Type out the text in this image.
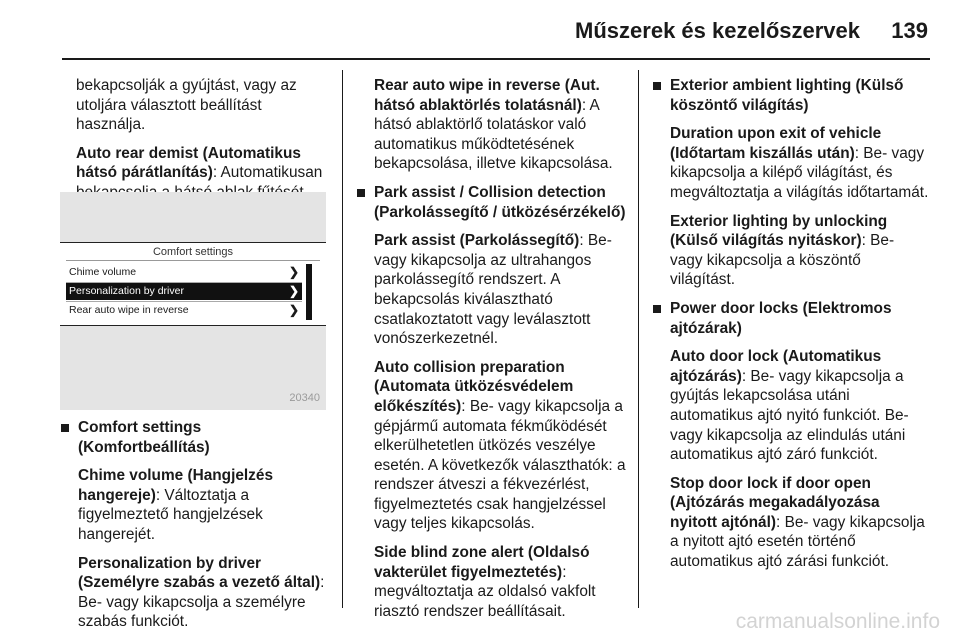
Műszerek és kezelőszervek	139

bekapcsolják a gyújtást, vagy az utoljára választott beállítást használja.

Auto rear demist (Automatikus hátsó párátlanítás): Automatikusan

Comfort settings
Chime volume	❯
Personalization by driver	❯
Rear auto wipe in reverse	❯
20340
Comfort settings (Komfortbeállítás)

Chime volume (Hangjelzés hangereje): Változtatja a figyelmeztető hangjelzések hangerejét.

Personalization by driver (Személyre szabás a vezető által): Be- vagy kikapcsolja a személyre szabás funkciót.

Rear auto wipe in reverse (Aut. hátsó ablaktörlés tolatásnál): A hátsó ablaktörlő tolatáskor való automatikus működtetésének bekapcsolása, illetve kikapcsolása.

Park assist / Collision detection (Parkolássegítő / ütközésérzékelő)

Park assist (Parkolássegítő): Be- vagy kikapcsolja az ultrahangos parkolássegítő rendszert. A bekapcsolás kiválasztható csatlakoztatott vagy leválasztott vonószerkezetnél.

Auto collision preparation (Automata ütközésvédelem előkészítés): Be- vagy kikapcsolja a gépjármű automata fékműködését elkerülhetetlen ütközés veszélye esetén. A következők választhatók: a rendszer átveszi a fékvezérlést, figyelmeztetés csak hangjelzéssel vagy teljes kikapcsolás.

Side blind zone alert (Oldalsó vakterület figyelmeztetés): megváltoztatja az oldalsó vakfolt riasztó rendszer beállításait.

Exterior ambient lighting (Külső köszöntő világítás)

Duration upon exit of vehicle (Időtartam kiszállás után): Be- vagy kikapcsolja a kilépő világítást, és megváltoztatja a világítás időtartamát.

Exterior lighting by unlocking (Külső világítás nyitáskor): Be- vagy kikapcsolja a köszöntő világítást.

Power door locks (Elektromos ajtózárak)

Auto door lock (Automatikus ajtózárás): Be- vagy kikapcsolja a gyújtás lekapcsolása utáni automatikus ajtó nyitó funkciót. Be- vagy kikapcsolja az elindulás utáni automatikus ajtó záró funkciót.

Stop door lock if door open (Ajtózárás megakadályozása nyitott ajtónál): Be- vagy kikapcsolja a nyitott ajtó esetén történő automatikus ajtó zárási funkciót.

carmanualsonline.info
